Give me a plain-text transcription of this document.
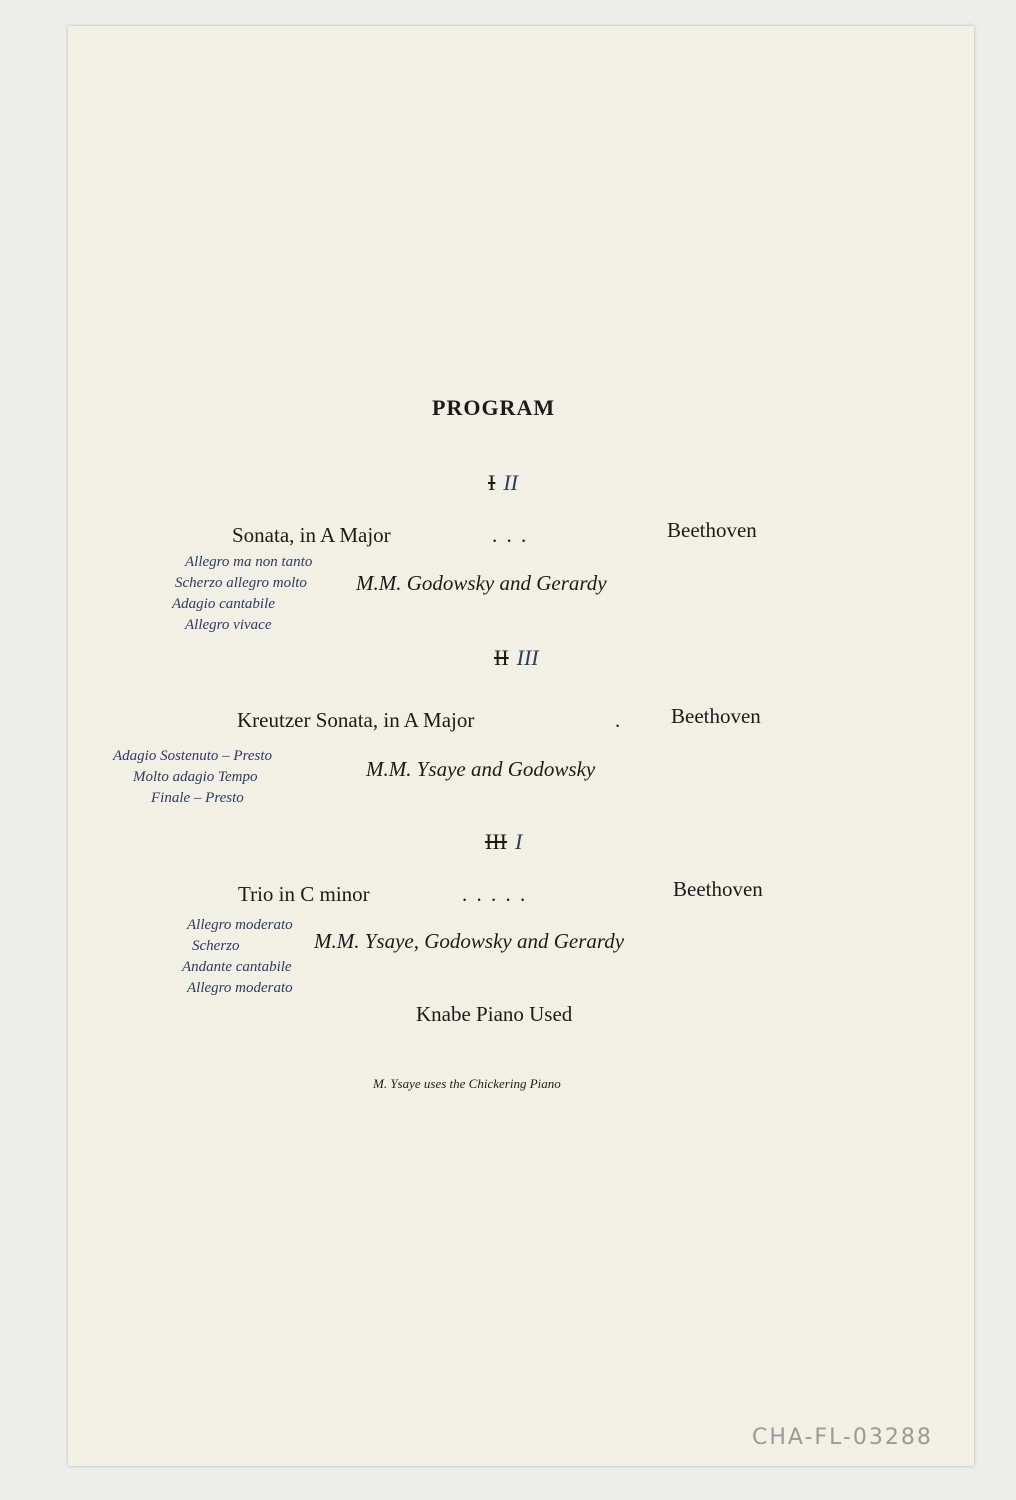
PROGRAM
I II
Sonata, in A Major	. . .	Beethoven
M.M. Godowsky and Gerardy
Allegro ma non tanto
Scherzo allegro molto
Adagio cantabile
Allegro vivace
II III
Kreutzer Sonata, in A Major	. Beethoven
M.M. Ysaye and Godowsky
Adagio Sostenuto – Presto
Molto adagio Tempo
Finale – Presto
III I
Trio in C minor	. . . . .	Beethoven
M.M. Ysaye, Godowsky and Gerardy
Allegro moderato
Scherzo
Andante cantabile
Allegro moderato
Knabe Piano Used
M. Ysaye uses the Chickering Piano
CHA-FL-03288
